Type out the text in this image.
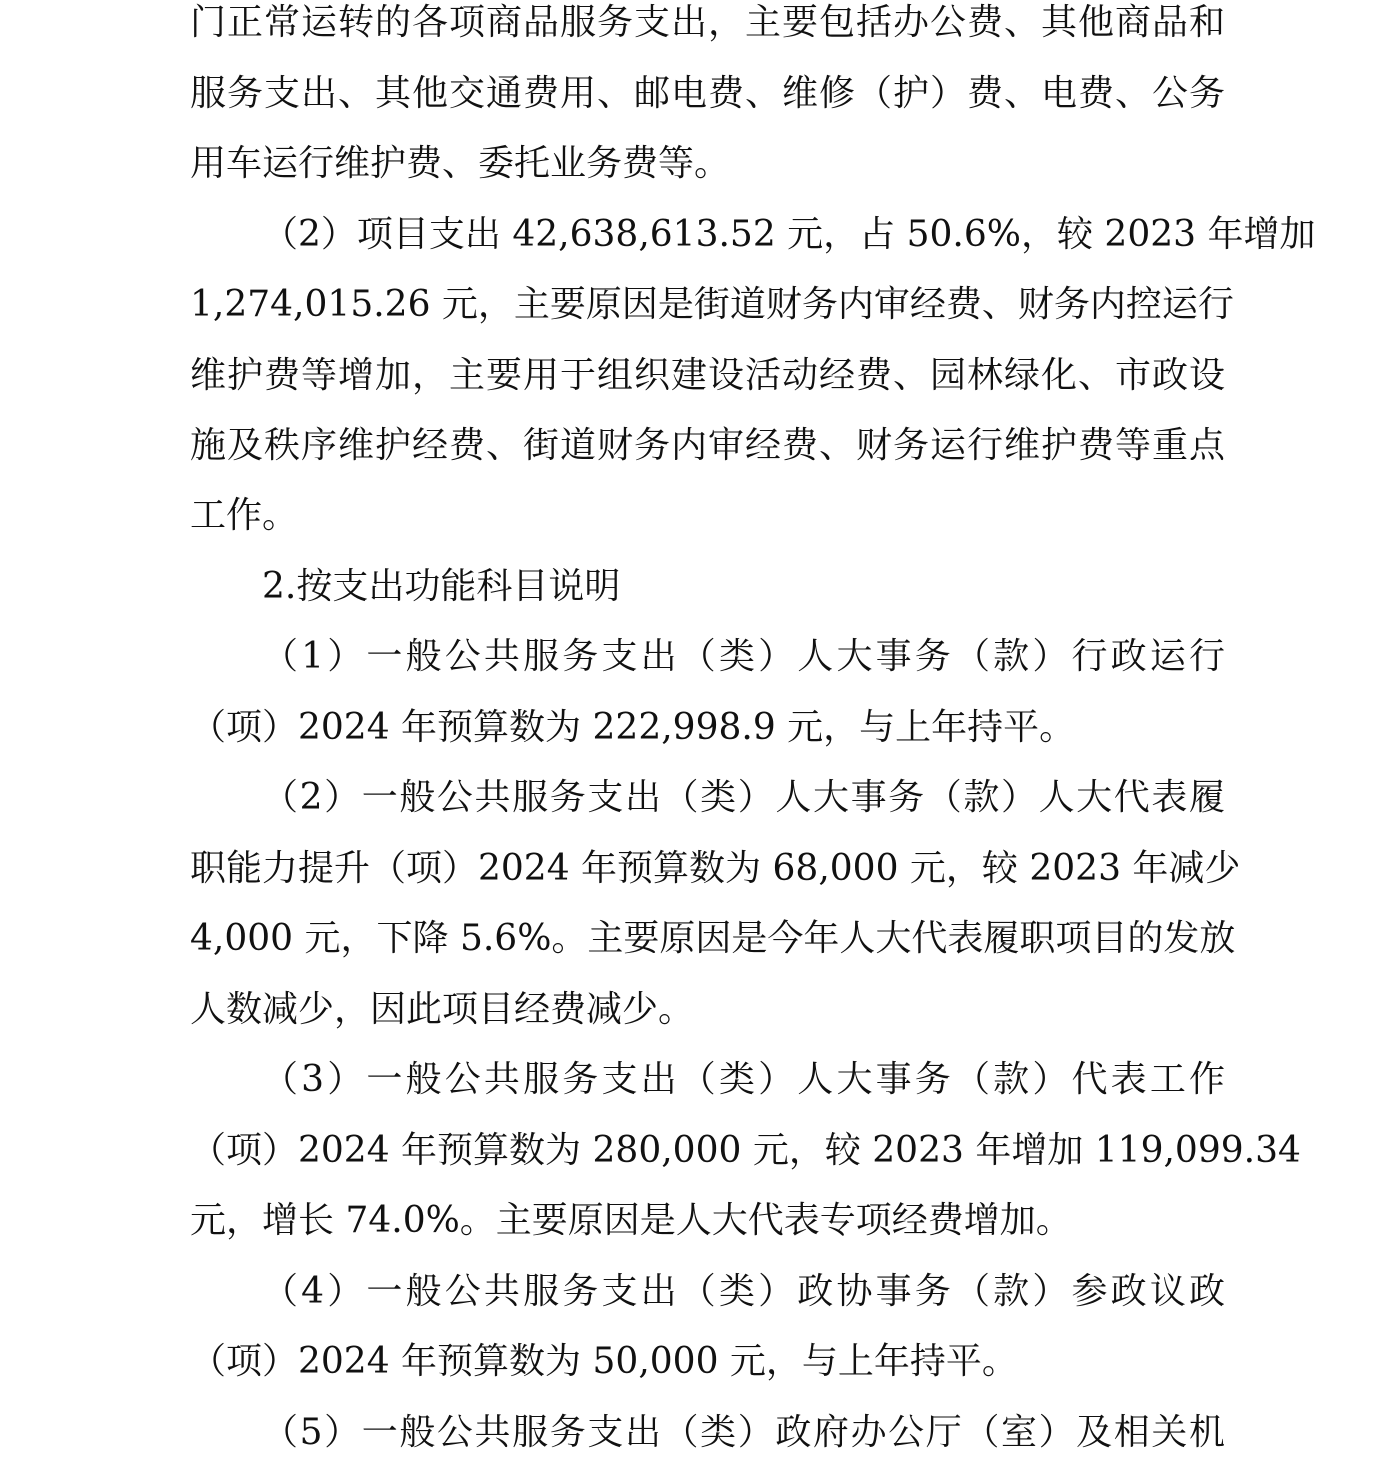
门正常运转的各项商品服务支出，主要包括办公费、其他商品和
服务支出、其他交通费用、邮电费、维修（护）费、电费、公务
用车运行维护费、委托业务费等。
（2）项目支出 42,638,613.52 元，占 50.6%，较 2023 年增加
1,274,015.26 元，主要原因是街道财务内审经费、财务内控运行
维护费等增加，主要用于组织建设活动经费、园林绿化、市政设
施及秩序维护经费、街道财务内审经费、财务运行维护费等重点
工作。
2.按支出功能科目说明
（1）一般公共服务支出（类）人大事务（款）行政运行
（项）2024 年预算数为 222,998.9 元，与上年持平。
（2）一般公共服务支出（类）人大事务（款）人大代表履
职能力提升（项）2024 年预算数为 68,000 元，较 2023 年减少
4,000 元，下降 5.6%。主要原因是今年人大代表履职项目的发放
人数减少，因此项目经费减少。
（3）一般公共服务支出（类）人大事务（款）代表工作
（项）2024 年预算数为 280,000 元，较 2023 年增加 119,099.34
元，增长 74.0%。主要原因是人大代表专项经费增加。
（4）一般公共服务支出（类）政协事务（款）参政议政
（项）2024 年预算数为 50,000 元，与上年持平。
（5）一般公共服务支出（类）政府办公厅（室）及相关机
